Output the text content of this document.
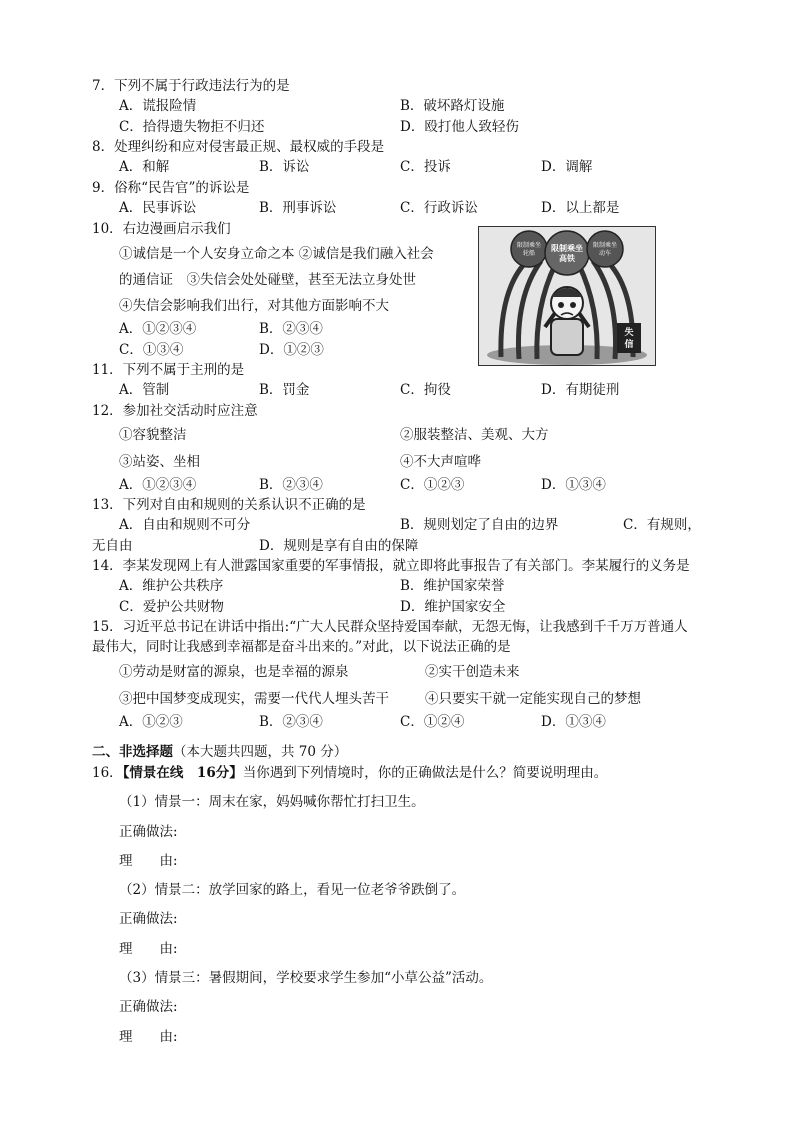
7．下列不属于行政违法行为的是
A．谎报险情	B．破坏路灯设施
C．拾得遗失物拒不归还	D．殴打他人致轻伤
8．处理纠纷和应对侵害最正规、最权威的手段是
A．和解	B．诉讼	C．投诉	D．调解
9．俗称“民告官”的诉讼是
A．民事诉讼	B．刑事诉讼	C．行政诉讼	D．以上都是
10．右边漫画启示我们
①诚信是一个人安身立命之本 ②诚信是我们融入社会
的通信证　③失信会处处碰壁，甚至无法立身处世
④失信会影响我们出行，对其他方面影响不大
A．①②③④	B．②③④
C．①③④	D．①②③
限制乘坐轮船
限制乘坐高铁
限制乘坐动车
失信
11．下列不属于主刑的是
A．管制	B．罚金	C．拘役	D．有期徒刑
12．参加社交活动时应注意
①容貌整洁	②服装整洁、美观、大方
③站姿、坐相	④不大声喧哗
A．①②③④	B．②③④	C．①②③	D．①③④
13．下列对自由和规则的关系认识不正确的是
A．自由和规则不可分	B．规则划定了自由的边界	C．有规则，
无自由	D．规则是享有自由的保障
14．李某发现网上有人泄露国家重要的军事情报，就立即将此事报告了有关部门。李某履行的义务是
A．维护公共秩序	B．维护国家荣誉
C．爱护公共财物	D．维护国家安全
15．习近平总书记在讲话中指出:“广大人民群众坚持爱国奉献，无怨无悔，让我感到千千万万普通人
最伟大，同时让我感到幸福都是奋斗出来的。”对此，以下说法正确的是
①劳动是财富的源泉，也是幸福的源泉	②实干创造未来
③把中国梦变成现实，需要一代代人埋头苦干	④只要实干就一定能实现自己的梦想
A．①②③	B．②③④	C．①②④	D．①③④
二、非选择题（本大题共四题，共 70 分）
16．【情景在线　16分】当你遇到下列情境时，你的正确做法是什么？简要说明理由。
（1）情景一：周末在家，妈妈喊你帮忙打扫卫生。
正确做法:
理　　由:
（2）情景二：放学回家的路上，看见一位老爷爷跌倒了。
正确做法:
理　　由:
（3）情景三：暑假期间，学校要求学生参加“小草公益”活动。
正确做法:
理　　由:
